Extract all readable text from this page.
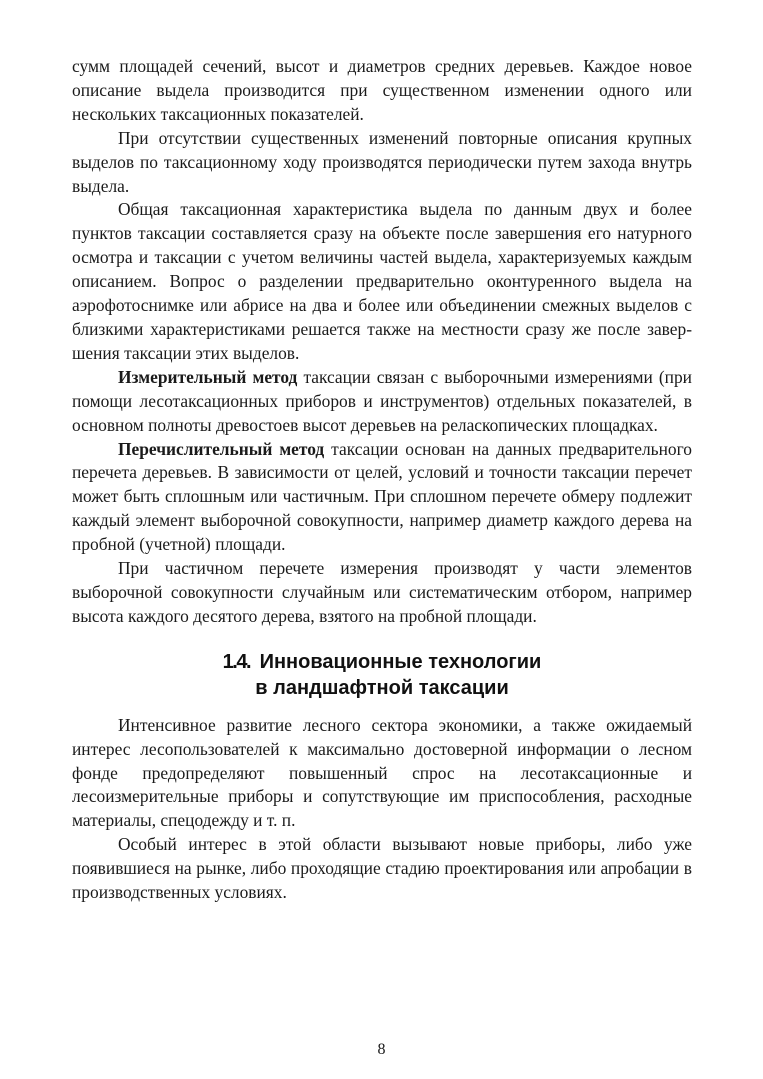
сумм площадей сечений, высот и диаметров средних деревьев. Каждое новое описание выдела производится при существенном изменении одного или нескольких таксационных показателей.

При отсутствии существенных изменений повторные описания крупных выделов по таксационному ходу производятся периодически путем захода внутрь выдела.

Общая таксационная характеристика выдела по данным двух и более пунктов таксации составляется сразу на объекте после завершения его натурного осмотра и таксации с учетом величины частей выдела, характеризуемых каждым описанием. Вопрос о разделении предварительно оконтуренного выдела на аэрофотоснимке или абрисе на два и более или объединении смежных выделов с близкими характеристиками решается также на местности сразу же после завершения таксации этих выделов.

Измерительный метод таксации связан с выборочными измерениями (при помощи лесотаксационных приборов и инструментов) отдельных показателей, в основном полноты древостоев высот деревьев на реласкопических площадках.

Перечислительный метод таксации основан на данных предварительного перечета деревьев. В зависимости от целей, условий и точности таксации перечет может быть сплошным или частичным. При сплошном перечете обмеру подлежит каждый элемент выборочной совокупности, например диаметр каждого дерева на пробной (учетной) площади.

При частичном перечете измерения производят у части элементов выборочной совокупности случайным или систематическим отбором, например высота каждого десятого дерева, взятого на пробной площади.

1.4. Инновационные технологии
в ландшафтной таксации

Интенсивное развитие лесного сектора экономики, а также ожидаемый интерес лесопользователей к максимально достоверной информации о лесном фонде предопределяют повышенный спрос на лесотаксационные и лесоизмерительные приборы и сопутствующие им приспособления, расходные материалы, спецодежду и т. п.

Особый интерес в этой области вызывают новые приборы, либо уже появившиеся на рынке, либо проходящие стадию проектирования или апробации в производственных условиях.

8
